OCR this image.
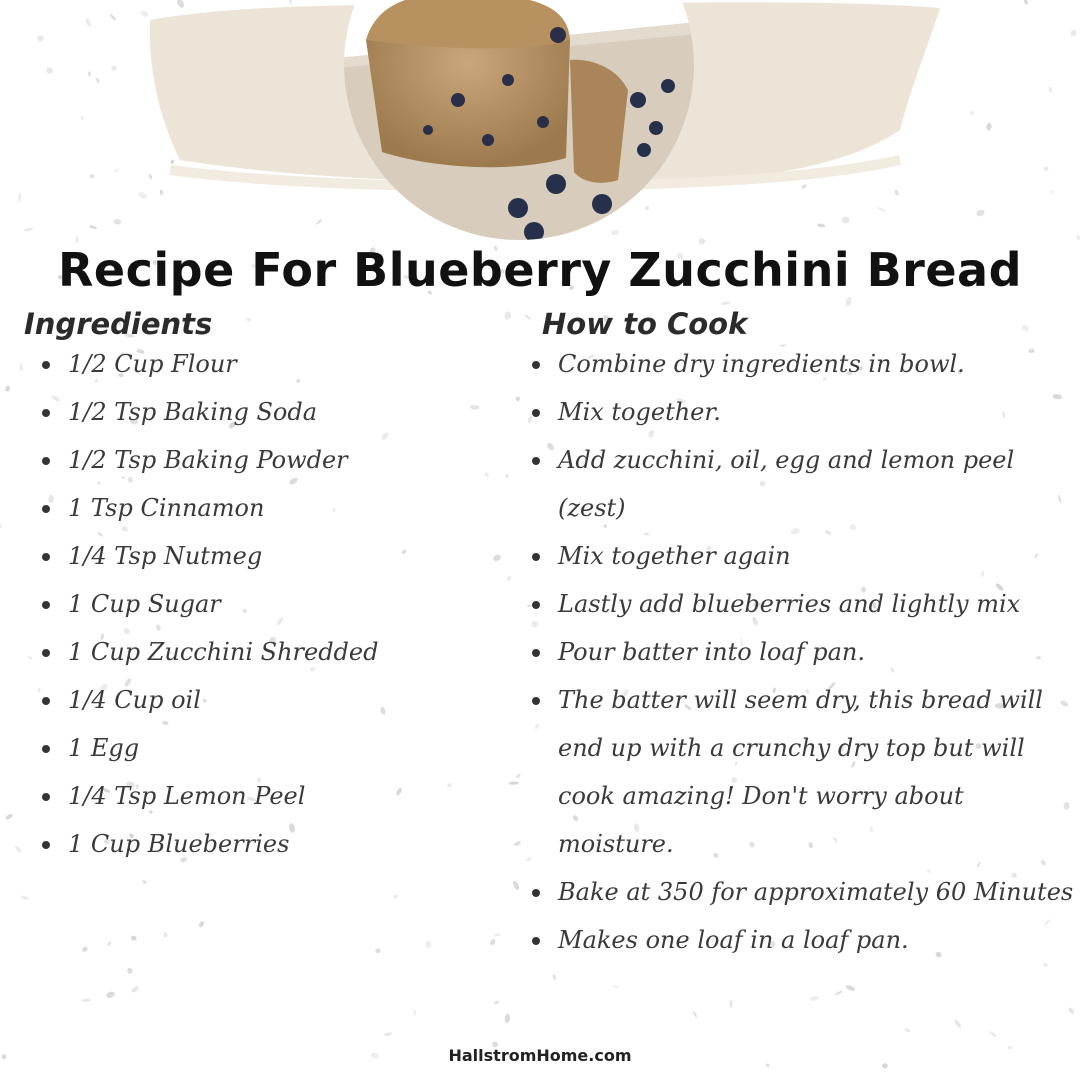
Recipe For Blueberry Zucchini Bread
Ingredients	How to Cook
1/2 Cup Flour
1/2 Tsp Baking Soda
1/2 Tsp Baking Powder
1 Tsp Cinnamon
1/4 Tsp Nutmeg
1 Cup Sugar
1 Cup Zucchini Shredded
1/4 Cup oil
1 Egg
1/4 Tsp Lemon Peel
1 Cup Blueberries
Combine dry ingredients in bowl.
Mix together.
Add zucchini, oil, egg and lemon peel (zest)
Mix together again
Lastly add blueberries and lightly mix
Pour batter into loaf pan.
The batter will seem dry, this bread will end up with a crunchy dry top but will cook amazing! Don't worry about moisture.
Bake at 350 for approximately 60 Minutes
Makes one loaf in a loaf pan.
HallstromHome.com
